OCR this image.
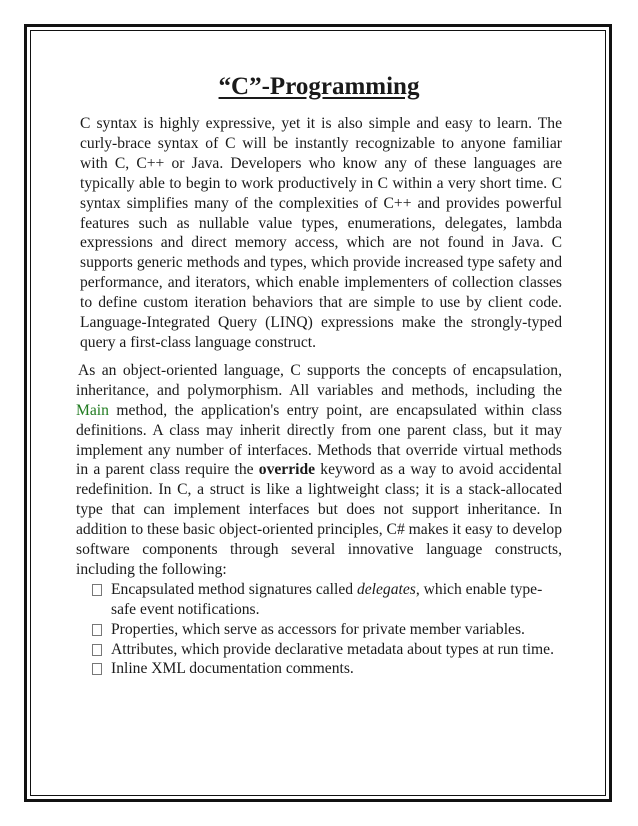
“C”-Programming

C syntax is highly expressive, yet it is also simple and easy to learn. The curly-brace syntax of C will be instantly recognizable to anyone familiar with C, C++ or Java. Developers who know any of these languages are typically able to begin to work productively in C within a very short time. C syntax simplifies many of the complexities of C++ and provides powerful features such as nullable value types, enumerations, delegates, lambda expressions and direct memory access, which are not found in Java. C supports generic methods and types, which provide increased type safety and performance, and iterators, which enable implementers of collection classes to define custom iteration behaviors that are simple to use by client code. Language-Integrated Query (LINQ) expressions make the strongly-typed query a first-class language construct.

As an object-oriented language, C supports the concepts of encapsulation, inheritance, and polymorphism. All variables and methods, including the Main method, the application's entry point, are encapsulated within class definitions. A class may inherit directly from one parent class, but it may implement any number of interfaces. Methods that override virtual methods in a parent class require the override keyword as a way to avoid accidental redefinition. In C, a struct is like a lightweight class; it is a stack-allocated type that can implement interfaces but does not support inheritance. In addition to these basic object-oriented principles, C# makes it easy to develop software components through several innovative language constructs, including the following:

Encapsulated method signatures called delegates, which enable type-safe event notifications.
Properties, which serve as accessors for private member variables.
Attributes, which provide declarative metadata about types at run time.
Inline XML documentation comments.
